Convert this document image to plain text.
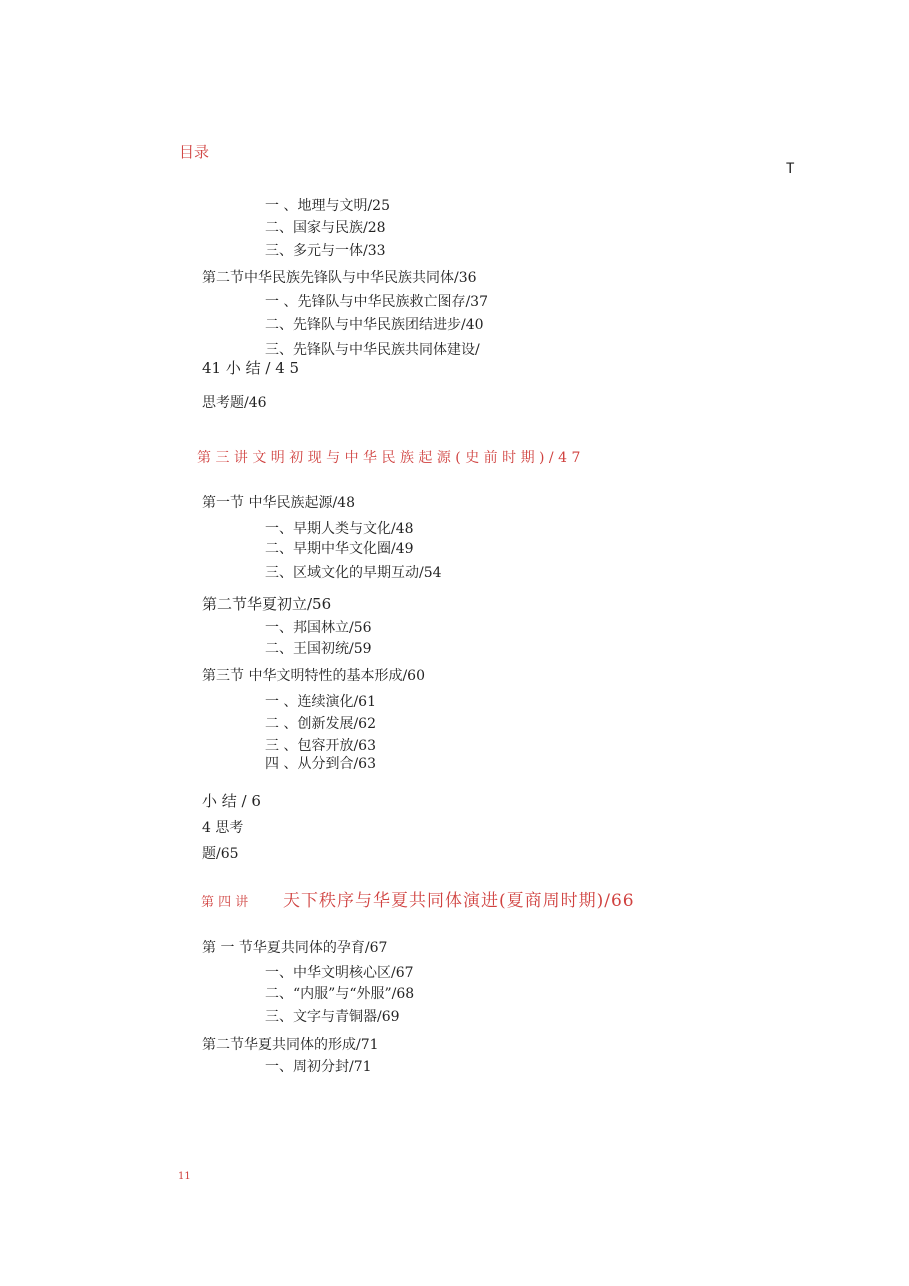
目录
T
一 、地理与文明/25
二、国家与民族/28
三、多元与一体/33
第二节中华民族先锋队与中华民族共同体/36
一 、先锋队与中华民族救亡图存/37
二、先锋队与中华民族团结进步/40
三、先锋队与中华民族共同体建设/
41 小 结 / 4 5
思考题/46
第 三 讲 文 明 初 现 与 中 华 民 族 起 源 ( 史 前 时 期 ) / 4 7
第一节 中华民族起源/48
一、早期人类与文化/48
二、早期中华文化圈/49
三、区域文化的早期互动/54
第二节华夏初立/56
一、邦国林立/56
二、王国初统/59
第三节 中华文明特性的基本形成/60
一 、连续演化/61
二 、创新发展/62
三 、包容开放/63
四 、从分到合/63
小 结 / 6
4 思考
题/65
第 四 讲 天下秩序与华夏共同体演进(夏商周时期)/66
第 一 节华夏共同体的孕育/67
一、中华文明核心区/67
二、“内服”与“外服”/68
三、文字与青铜器/69
第二节华夏共同体的形成/71
一、周初分封/71
11
